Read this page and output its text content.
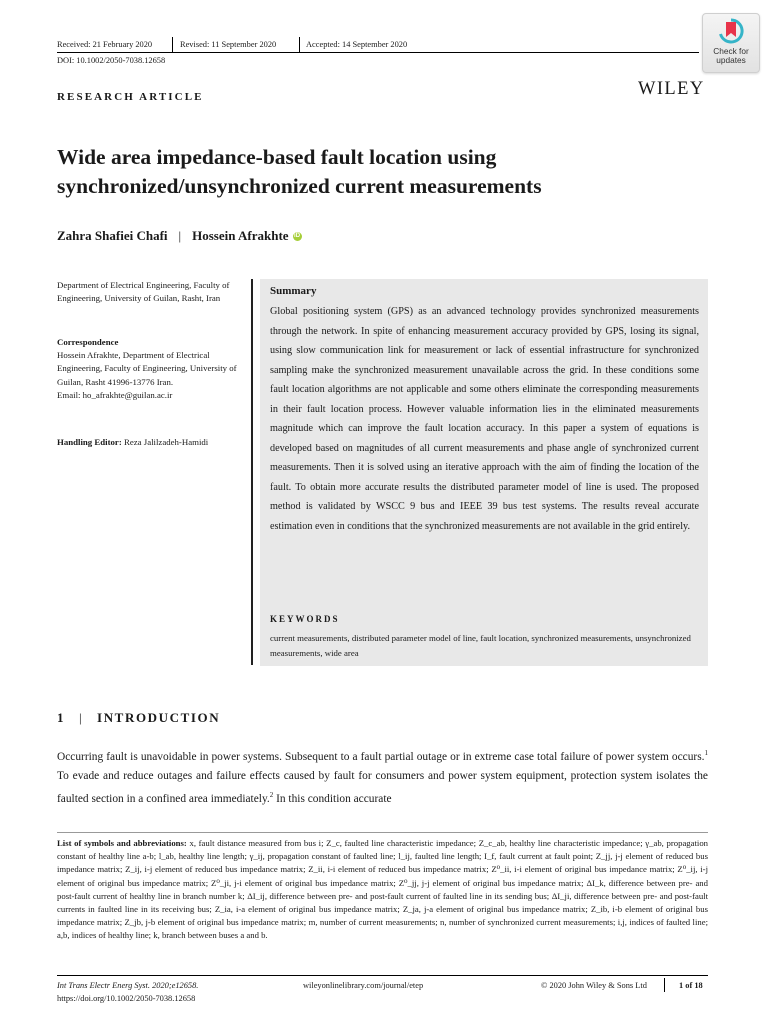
Received: 21 February 2020	Revised: 11 September 2020	Accepted: 14 September 2020
DOI: 10.1002/2050-7038.12658
Check for
updates
RESEARCH ARTICLE	WILEY
Wide area impedance-based fault location using
synchronized/unsynchronized current measurements
Zahra Shafiei Chafi | Hossein Afrakhte iD
Department of Electrical Engineering, Faculty of Engineering, University of Guilan, Rasht, Iran
Correspondence
Hossein Afrakhte, Department of Electrical Engineering, Faculty of Engineering, University of Guilan, Rasht 41996-13776 Iran.
Email: ho_afrakhte@guilan.ac.ir
Handling Editor: Reza Jalilzadeh-Hamidi
Summary
Global positioning system (GPS) as an advanced technology provides synchronized measurements through the network. In spite of enhancing measurement accuracy provided by GPS, losing its signal, using slow communication link for measurement or lack of essential infrastructure for synchronized sampling make the synchronized measurement unavailable across the grid. In these conditions some fault location algorithms are not applicable and some others eliminate the corresponding measurements in their fault location process. However valuable information lies in the eliminated measurements magnitude which can improve the fault location accuracy. In this paper a system of equations is developed based on magnitudes of all current measurements and phase angle of synchronized current measurements. Then it is solved using an iterative approach with the aim of finding the location of the fault. To obtain more accurate results the distributed parameter model of line is used. The proposed method is validated by WSCC 9 bus and IEEE 39 bus test systems. The results reveal accurate estimation even in conditions that the synchronized measurements are not available in the grid entirely.
KEYWORDS
current measurements, distributed parameter model of line, fault location, synchronized measurements, unsynchronized measurements, wide area
1 | INTRODUCTION
Occurring fault is unavoidable in power systems. Subsequent to a fault partial outage or in extreme case total failure of power system occurs.$^1$ To evade and reduce outages and failure effects caused by fault for consumers and power system equipment, protection system isolates the faulted section in a confined area immediately.$^2$ In this condition accurate
List of symbols and abbreviations: x, fault distance measured from bus i; Z_c, faulted line characteristic impedance; Z_c_ab, healthy line characteristic impedance; γ_ab, propagation constant of healthy line a-b; l_ab, healthy line length; γ_ij, propagation constant of faulted line; l_ij, faulted line length; I_f, fault current at fault point; Z_jj, j-j element of reduced bus impedance matrix; Z_ij, i-j element of reduced bus impedance matrix; Z_ii, i-i element of reduced bus impedance matrix; Z⁰_ii, i-i element of original bus impedance matrix; Z⁰_ij, i-j element of original bus impedance matrix; Z⁰_ji, j-i element of original bus impedance matrix; Z⁰_jj, j-j element of original bus impedance matrix; ΔI_k, difference between pre- and post-fault current of healthy line in branch number k; ΔI_ij, difference between pre- and post-fault current of faulted line in its sending bus; ΔI_ji, difference between pre- and post-fault currents in faulted line in its receiving bus; Z_ia, i-a element of original bus impedance matrix; Z_ja, j-a element of original bus impedance matrix; Z_ib, i-b element of original bus impedance matrix; Z_jb, j-b element of original bus impedance matrix; m, number of current measurements; n, number of synchronized current measurements; i,j, indices of faulted line; a,b, indices of healthy line; k, branch between buses a and b.
Int Trans Electr Energ Syst. 2020;e12658.	wileyonlinelibrary.com/journal/etep	© 2020 John Wiley & Sons Ltd	1 of 18
https://doi.org/10.1002/2050-7038.12658
